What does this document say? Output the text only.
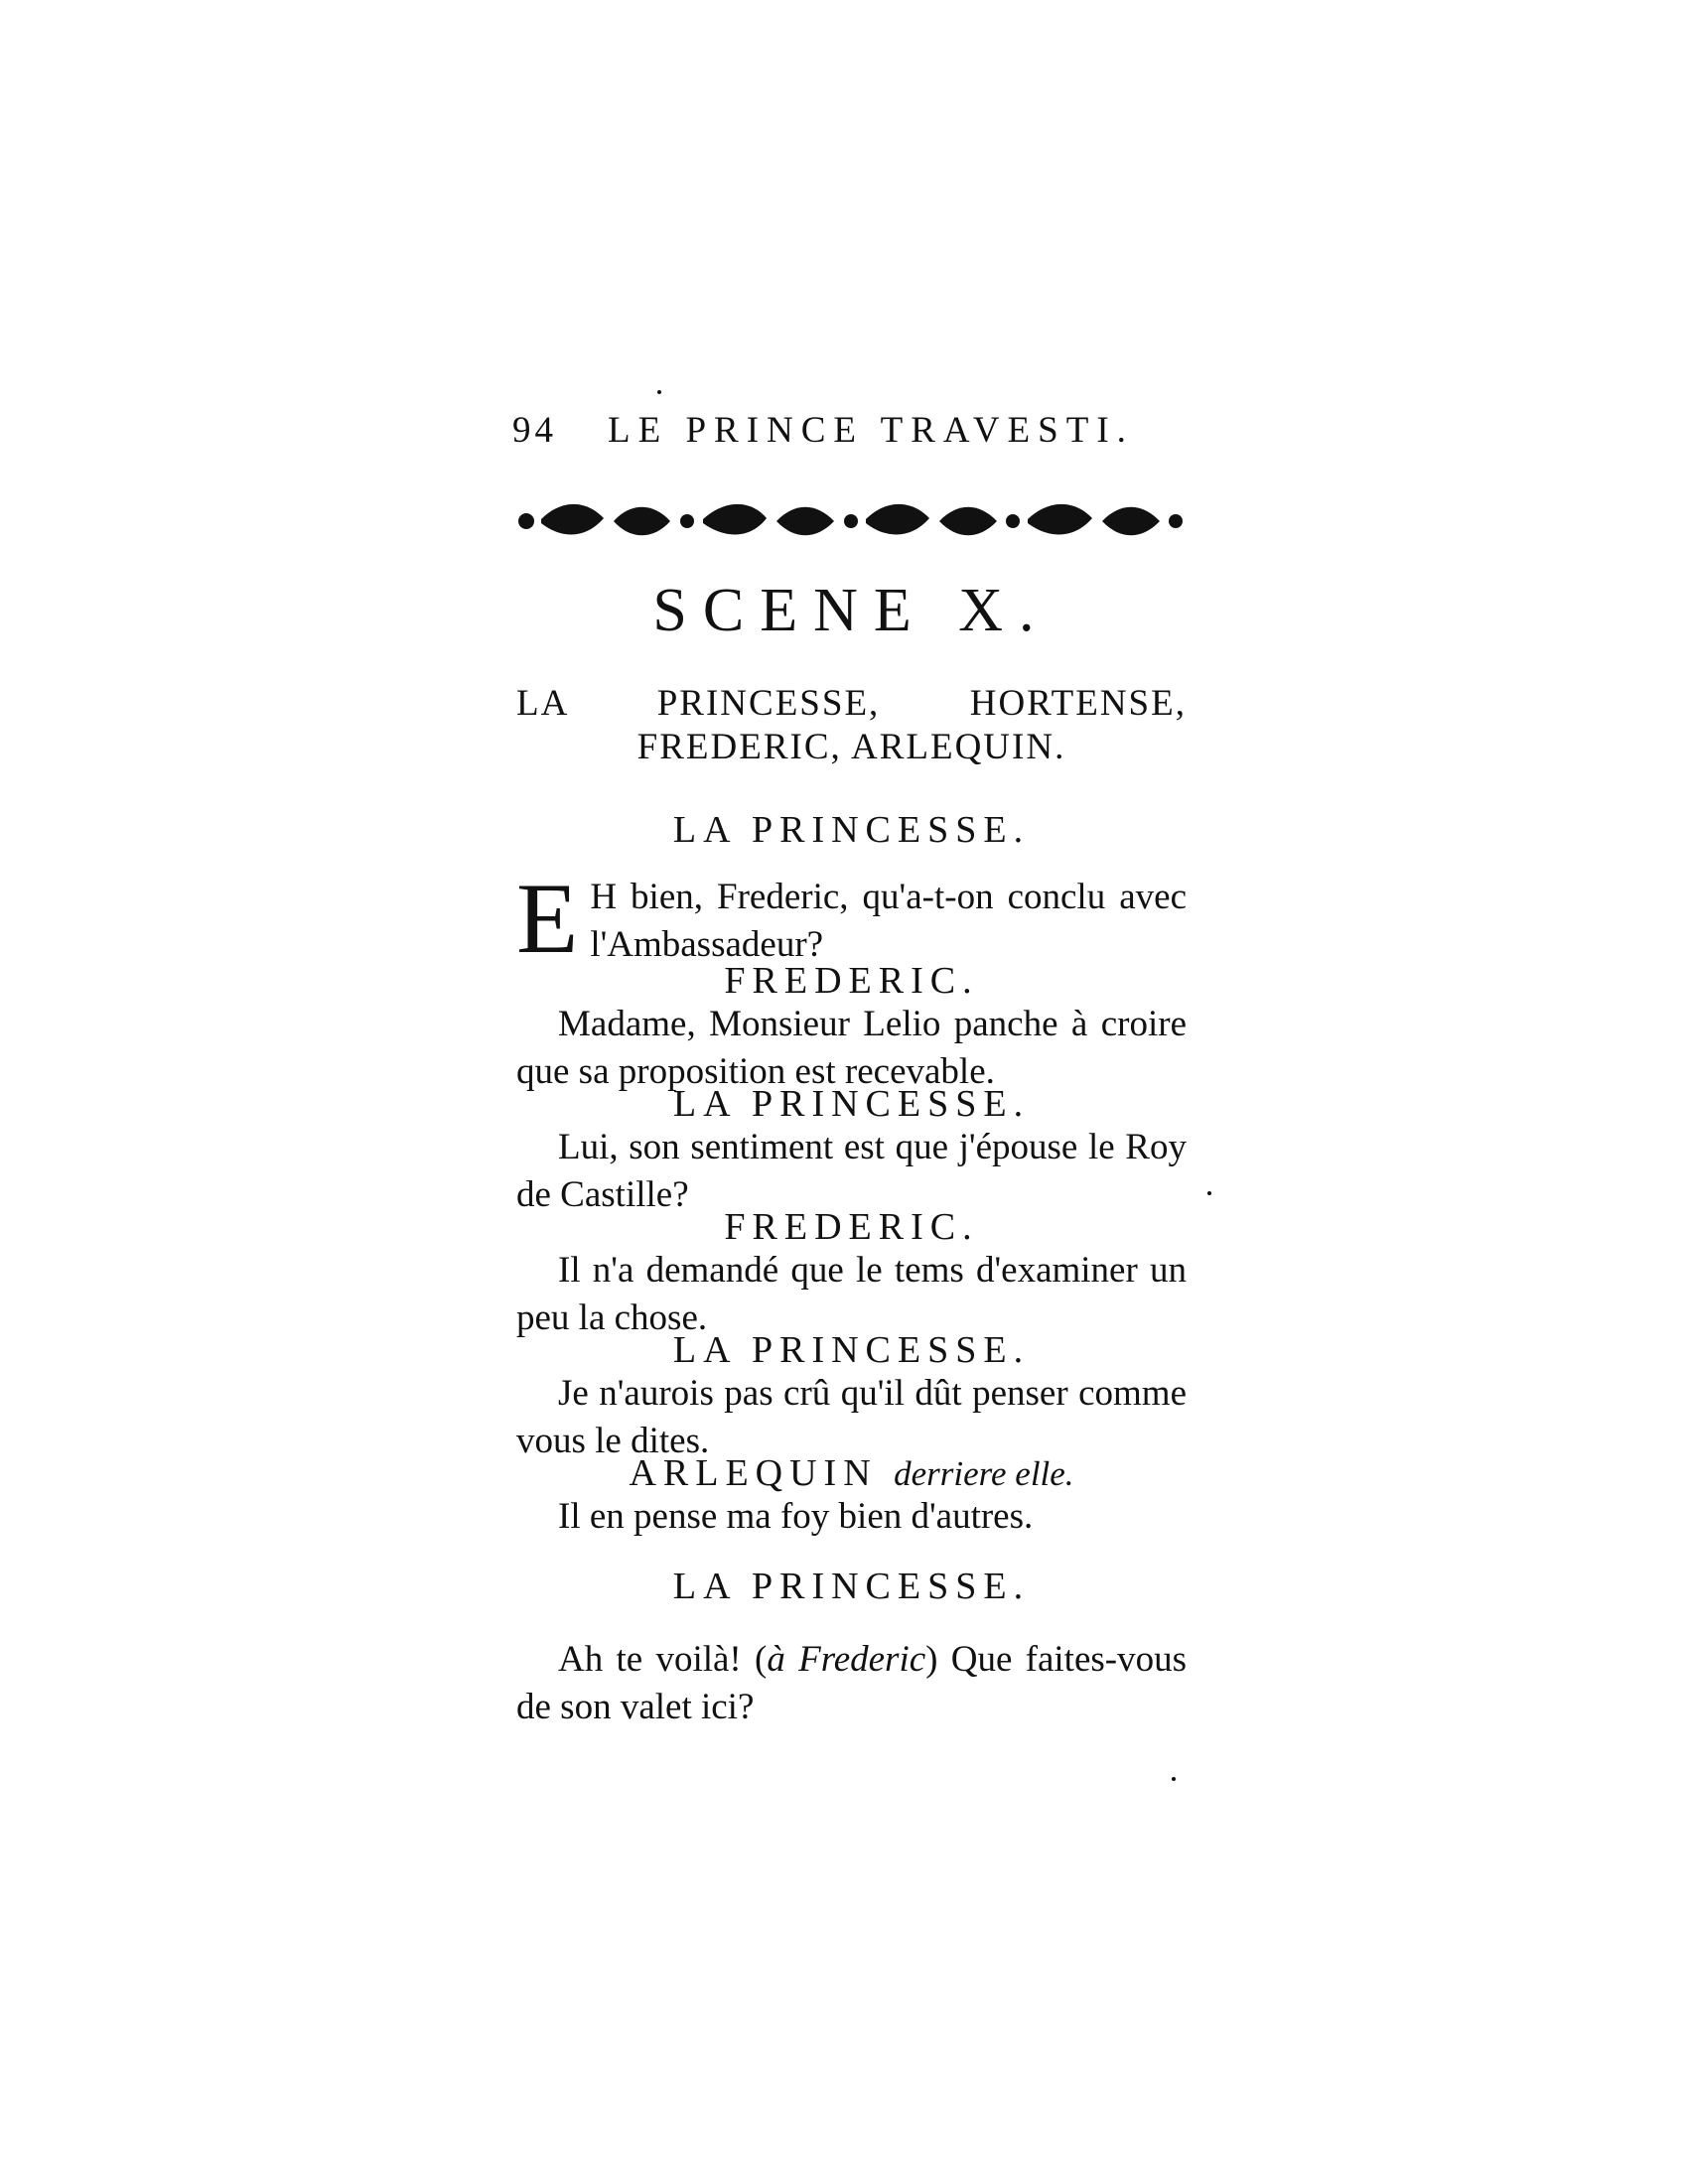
94 LE PRINCE TRAVESTI.
SCENE X.
LA PRINCESSE, HORTENSE,
FREDERIC, ARLEQUIN.
LA PRINCESSE.
E H bien, Frederic, qu'a-t-on conclu avec l'Ambassadeur?
FREDERIC.
Madame, Monsieur Lelio panche à croire que sa proposition est recevable.
LA PRINCESSE.
Lui, son sentiment est que j'épouse le Roy de Castille?
FREDERIC.
Il n'a demandé que le tems d'examiner un peu la chose.
LA PRINCESSE.
Je n'aurois pas crû qu'il dût penser comme vous le dites.
ARLEQUIN derriere elle.
Il en pense ma foy bien d'autres.
LA PRINCESSE.
Ah te voilà! (à Frederic) Que faites-vous de son valet ici?
